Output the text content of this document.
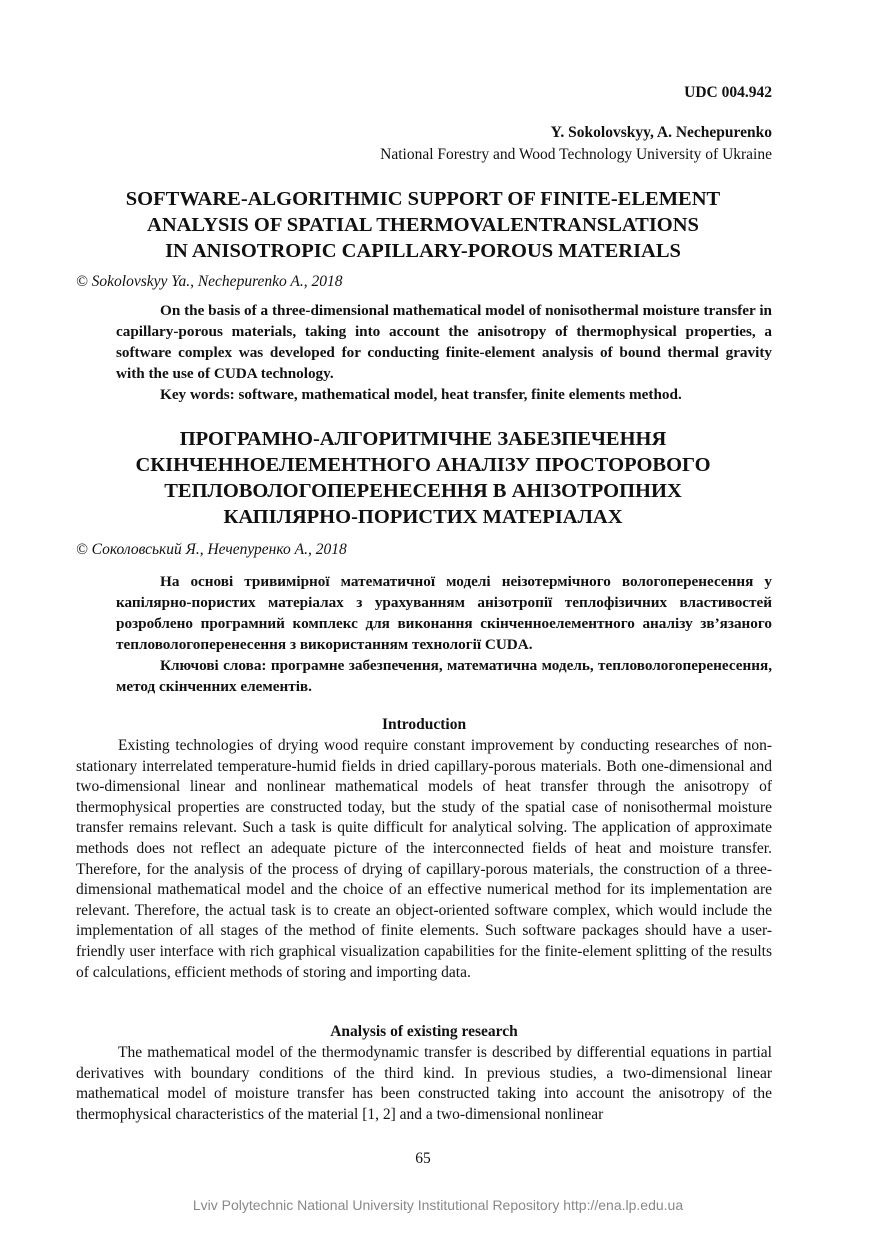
UDC 004.942
Y. Sokolovskyy, A. Nechepurenko
National Forestry and Wood Technology University of Ukraine
SOFTWARE-ALGORITHMIC SUPPORT OF FINITE-ELEMENT
ANALYSIS OF SPATIAL THERMOVALENTRANSLATIONS
IN ANISOTROPIC CAPILLARY-POROUS MATERIALS
© Sokolovskyy Ya., Nechepurenko A., 2018

On the basis of a three-dimensional mathematical model of nonisothermal moisture transfer in capillary-porous materials, taking into account the anisotropy of thermophysical properties, a software complex was developed for conducting finite-element analysis of bound thermal gravity with the use of CUDA technology.

Key words: software, mathematical model, heat transfer, finite elements method.

ПРОГРАМНО-АЛГОРИТМІЧНЕ ЗАБЕЗПЕЧЕННЯ
СКІНЧЕННОЕЛЕМЕНТНОГО АНАЛІЗУ ПРОСТОРОВОГО
ТЕПЛОВОЛОГОПЕРЕНЕСЕННЯ В АНІЗОТРОПНИХ
КАПІЛЯРНО-ПОРИСТИХ МАТЕРІАЛАХ
© Соколовський Я., Нечепуренко А., 2018

На основі тривимірної математичної моделі неізотермічного вологоперенесення у капілярно-пористих матеріалах з урахуванням анізотропії теплофізичних властивостей розроблено програмний комплекс для виконання скінченноелементного аналізу зв’язаного тепловологоперенесення з використанням технології CUDA.

Ключові слова: програмне забезпечення, математична модель, тепловологоперенесення, метод скінченних елементів.

Introduction

Existing technologies of drying wood require constant improvement by conducting researches of non-stationary interrelated temperature-humid fields in dried capillary-porous materials. Both one-dimensional and two-dimensional linear and nonlinear mathematical models of heat transfer through the anisotropy of thermophysical properties are constructed today, but the study of the spatial case of nonisothermal moisture transfer remains relevant. Such a task is quite difficult for analytical solving. The application of approximate methods does not reflect an adequate picture of the interconnected fields of heat and moisture transfer. Therefore, for the analysis of the process of drying of capillary-porous materials, the construction of a three-dimensional mathematical model and the choice of an effective numerical method for its implementation are relevant. Therefore, the actual task is to create an object-oriented software complex, which would include the implementation of all stages of the method of finite elements. Such software packages should have a user-friendly user interface with rich graphical visualization capabilities for the finite-element splitting of the results of calculations, efficient methods of storing and importing data.

Analysis of existing research

The mathematical model of the thermodynamic transfer is described by differential equations in partial derivatives with boundary conditions of the third kind. In previous studies, a two-dimensional linear mathematical model of moisture transfer has been constructed taking into account the anisotropy of the thermophysical characteristics of the material [1, 2] and a two-dimensional nonlinear

65
Lviv Polytechnic National University Institutional Repository http://ena.lp.edu.ua
